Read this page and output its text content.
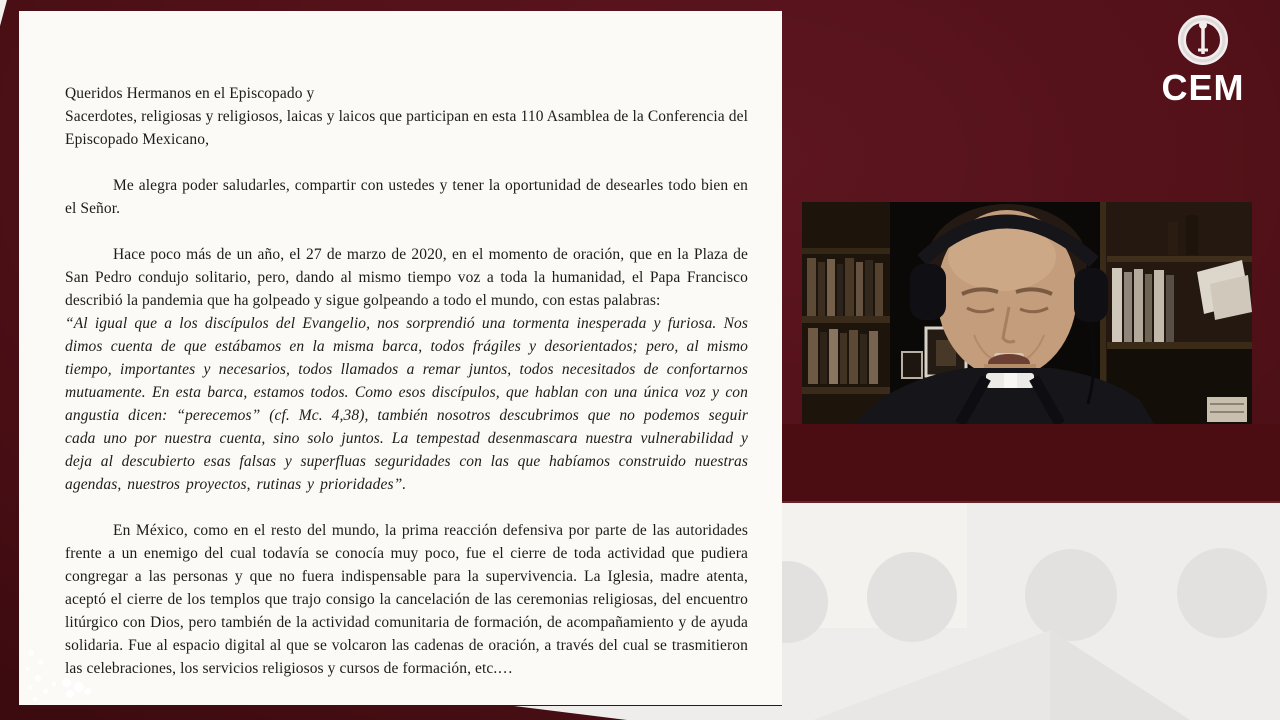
Queridos Hermanos en el Episcopado y
Sacerdotes, religiosas y religiosos, laicas y laicos que participan en esta 110 Asamblea de la Conferencia del Episcopado Mexicano,

Me alegra poder saludarles, compartir con ustedes y tener la oportunidad de desearles todo bien en el Señor.

Hace poco más de un año, el 27 de marzo de 2020, en el momento de oración, que en la Plaza de San Pedro condujo solitario, pero, dando al mismo tiempo voz a toda la humanidad, el Papa Francisco describió la pandemia que ha golpeado y sigue golpeando a todo el mundo, con estas palabras:

“Al igual que a los discípulos del Evangelio, nos sorprendió una tormenta inesperada y furiosa. Nos dimos cuenta de que estábamos en la misma barca, todos frágiles y desorientados; pero, al mismo tiempo, importantes y necesarios, todos llamados a remar juntos, todos necesitados de confortarnos mutuamente. En esta barca, estamos todos. Como esos discípulos, que hablan con una única voz y con angustia dicen: “perecemos” (cf. Mc. 4,38), también nosotros descubrimos que no podemos seguir cada uno por nuestra cuenta, sino solo juntos. La tempestad desenmascara nuestra vulnerabilidad y deja al descubierto esas falsas y superfluas seguridades con las que habíamos construido nuestras agendas, nuestros proyectos, rutinas y prioridades”.

En México, como en el resto del mundo, la prima reacción defensiva por parte de las autoridades frente a un enemigo del cual todavía se conocía muy poco, fue el cierre de toda actividad que pudiera congregar a las personas y que no fuera indispensable para la supervivencia. La Iglesia, madre atenta, aceptó el cierre de los templos que trajo consigo la cancelación de las ceremonias religiosas, del encuentro litúrgico con Dios, pero también de la actividad comunitaria de formación, de acompañamiento y de ayuda solidaria. Fue al espacio digital al que se volcaron las cadenas de oración, a través del cual se trasmitieron las celebraciones, los servicios religiosos y cursos de formación, etc.…

CEM
